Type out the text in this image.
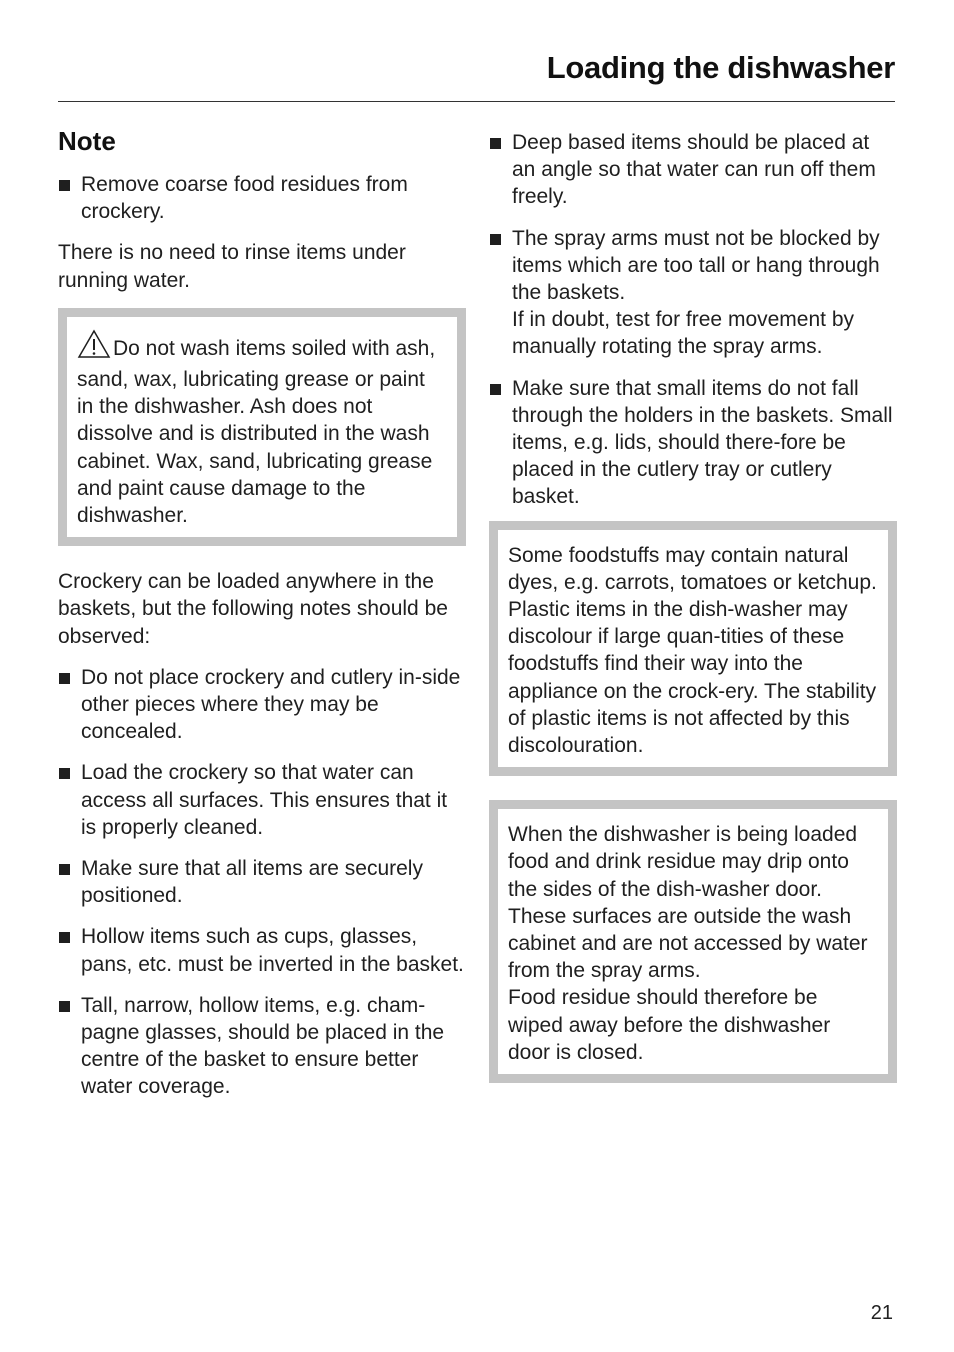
Loading the dishwasher
Note
Remove coarse food residues from crockery.
There is no need to rinse items under running water.
Do not wash items soiled with ash, sand, wax, lubricating grease or paint in the dishwasher. Ash does not dissolve and is distributed in the wash cabinet. Wax, sand, lubricating grease and paint cause damage to the dishwasher.
Crockery can be loaded anywhere in the baskets, but the following notes should be observed:
Do not place crockery and cutlery in-side other pieces where they may be concealed.
Load the crockery so that water can access all surfaces. This ensures that it is properly cleaned.
Make sure that all items are securely positioned.
Hollow items such as cups, glasses, pans, etc. must be inverted in the basket.
Tall, narrow, hollow items, e.g. cham-pagne glasses, should be placed in the centre of the basket to ensure better water coverage.
Deep based items should be placed at an angle so that water can run off them freely.
The spray arms must not be blocked by items which are too tall or hang through the baskets.
If in doubt, test for free movement by manually rotating the spray arms.
Make sure that small items do not fall through the holders in the baskets. Small items, e.g. lids, should there-fore be placed in the cutlery tray or cutlery basket.
Some foodstuffs may contain natural dyes, e.g. carrots, tomatoes or ketchup. Plastic items in the dish-washer may discolour if large quan-tities of these foodstuffs find their way into the appliance on the crock-ery. The stability of plastic items is not affected by this discolouration.
When the dishwasher is being loaded food and drink residue may drip onto the sides of the dish-washer door.
These surfaces are outside the wash cabinet and are not accessed by water from the spray arms.
Food residue should therefore be wiped away before the dishwasher door is closed.
21
